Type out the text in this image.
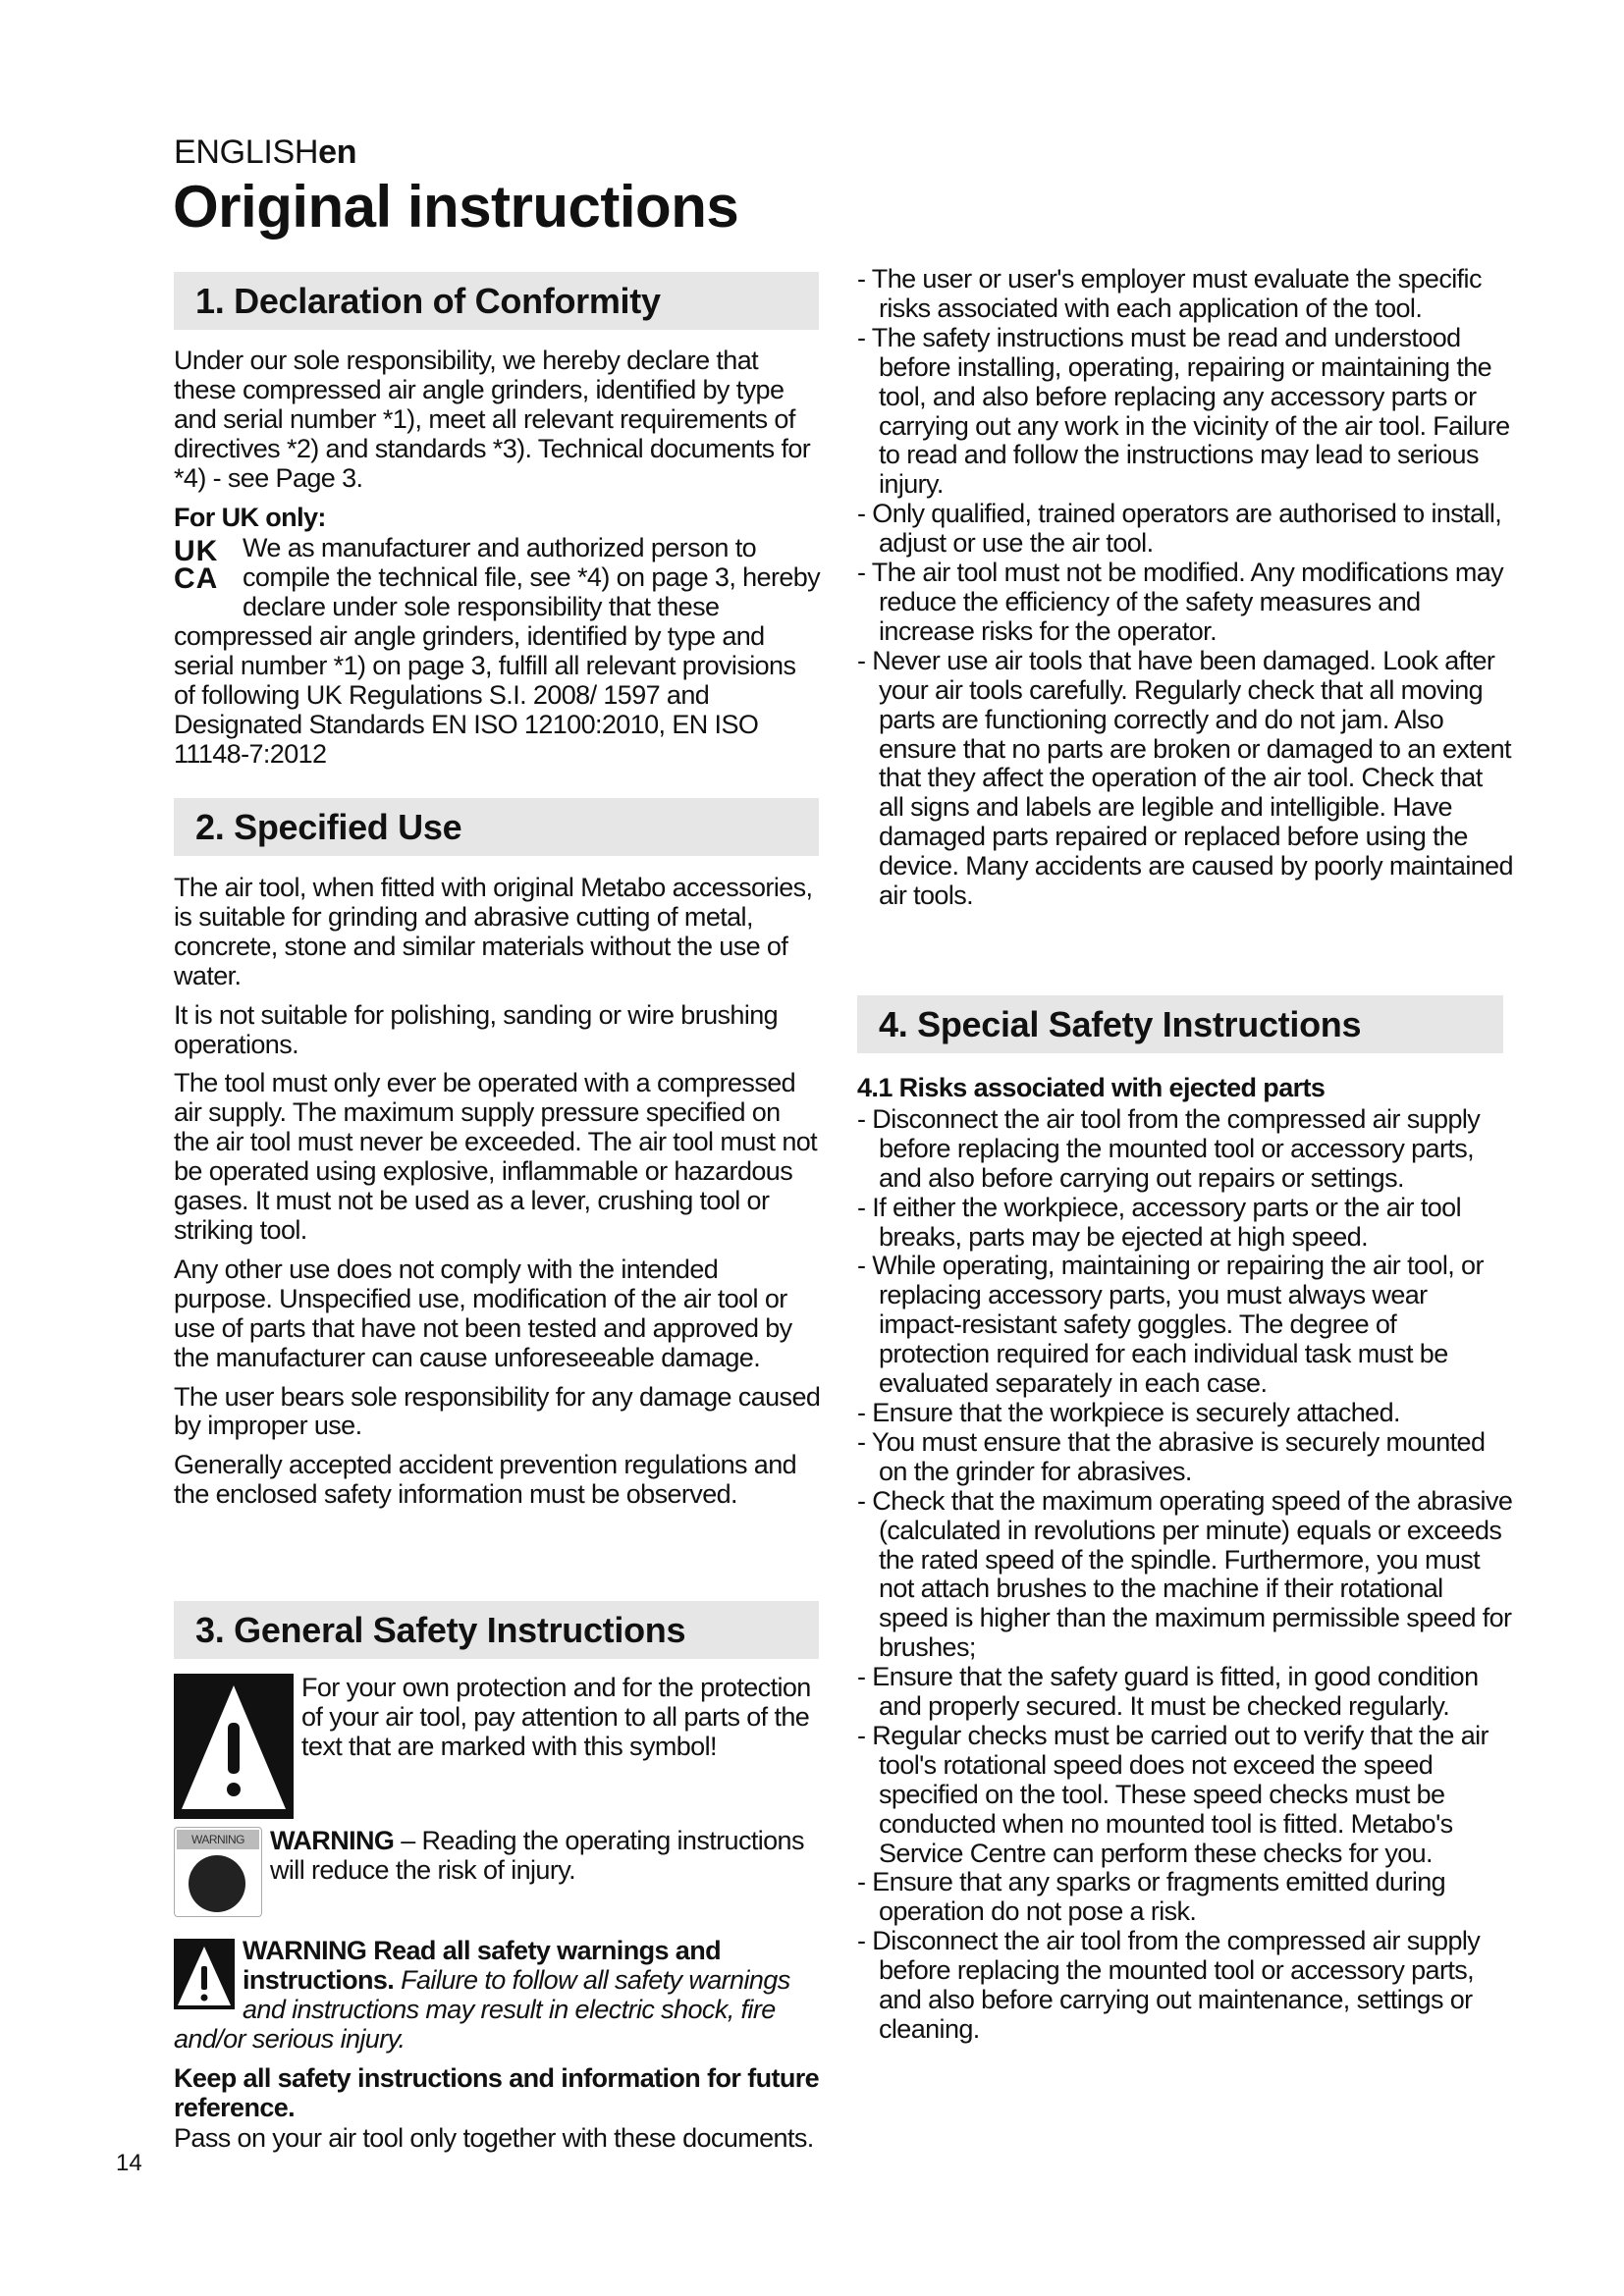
ENGLISHen
Original instructions
1. Declaration of Conformity

Under our sole responsibility, we hereby declare that these compressed air angle grinders, identified by type and serial number *1), meet all relevant requirements of directives *2) and standards *3). Technical documents for *4) - see Page 3.

For UK only:

UK
CA
We as manufacturer and authorized person to compile the technical file, see *4) on page 3, hereby declare under sole responsibility that these compressed air angle grinders, identified by type and serial number *1) on page 3, fulfill all relevant provisions of following UK Regulations S.I. 2008/ 1597 and Designated Standards EN ISO 12100:2010, EN ISO 11148-7:2012

2. Specified Use

The air tool, when fitted with original Metabo accessories, is suitable for grinding and abrasive cutting of metal, concrete, stone and similar materials without the use of water.

It is not suitable for polishing, sanding or wire brushing operations.

The tool must only ever be operated with a compressed air supply. The maximum supply pressure specified on the air tool must never be exceeded. The air tool must not be operated using explosive, inflammable or hazardous gases. It must not be used as a lever, crushing tool or striking tool.

Any other use does not comply with the intended purpose. Unspecified use, modification of the air tool or use of parts that have not been tested and approved by the manufacturer can cause unforeseeable damage.

The user bears sole responsibility for any damage caused by improper use.

Generally accepted accident prevention regulations and the enclosed safety information must be observed.

3. General Safety Instructions
For your own protection and for the protection of your air tool, pay attention to all parts of the text that are marked with this symbol!
WARNING WARNING – Reading the operating instructions will reduce the risk of injury.

WARNING Read all safety warnings and instructions. Failure to follow all safety warnings and instructions may result in electric shock, fire and/or serious injury.

Keep all safety instructions and information for future reference.
Pass on your air tool only together with these documents.
- The user or user's employer must evaluate the specific risks associated with each application of the tool.
- The safety instructions must be read and understood before installing, operating, repairing or maintaining the tool, and also before replacing any accessory parts or carrying out any work in the vicinity of the air tool. Failure to read and follow the instructions may lead to serious injury.
- Only qualified, trained operators are authorised to install, adjust or use the air tool.
- The air tool must not be modified. Any modifications may reduce the efficiency of the safety measures and increase risks for the operator.
- Never use air tools that have been damaged. Look after your air tools carefully. Regularly check that all moving parts are functioning correctly and do not jam. Also ensure that no parts are broken or damaged to an extent that they affect the operation of the air tool. Check that all signs and labels are legible and intelligible. Have damaged parts repaired or replaced before using the device. Many accidents are caused by poorly maintained air tools.
4. Special Safety Instructions
4.1 Risks associated with ejected parts
- Disconnect the air tool from the compressed air supply before replacing the mounted tool or accessory parts, and also before carrying out repairs or settings.
- If either the workpiece, accessory parts or the air tool breaks, parts may be ejected at high speed.
- While operating, maintaining or repairing the air tool, or replacing accessory parts, you must always wear impact-resistant safety goggles. The degree of protection required for each individual task must be evaluated separately in each case.
- Ensure that the workpiece is securely attached.
- You must ensure that the abrasive is securely mounted on the grinder for abrasives.
- Check that the maximum operating speed of the abrasive (calculated in revolutions per minute) equals or exceeds the rated speed of the spindle. Furthermore, you must not attach brushes to the machine if their rotational speed is higher than the maximum permissible speed for brushes;
- Ensure that the safety guard is fitted, in good condition and properly secured. It must be checked regularly.
- Regular checks must be carried out to verify that the air tool's rotational speed does not exceed the speed specified on the tool. These speed checks must be conducted when no mounted tool is fitted. Metabo's Service Centre can perform these checks for you.
- Ensure that any sparks or fragments emitted during operation do not pose a risk.
- Disconnect the air tool from the compressed air supply before replacing the mounted tool or accessory parts, and also before carrying out maintenance, settings or cleaning.
14
